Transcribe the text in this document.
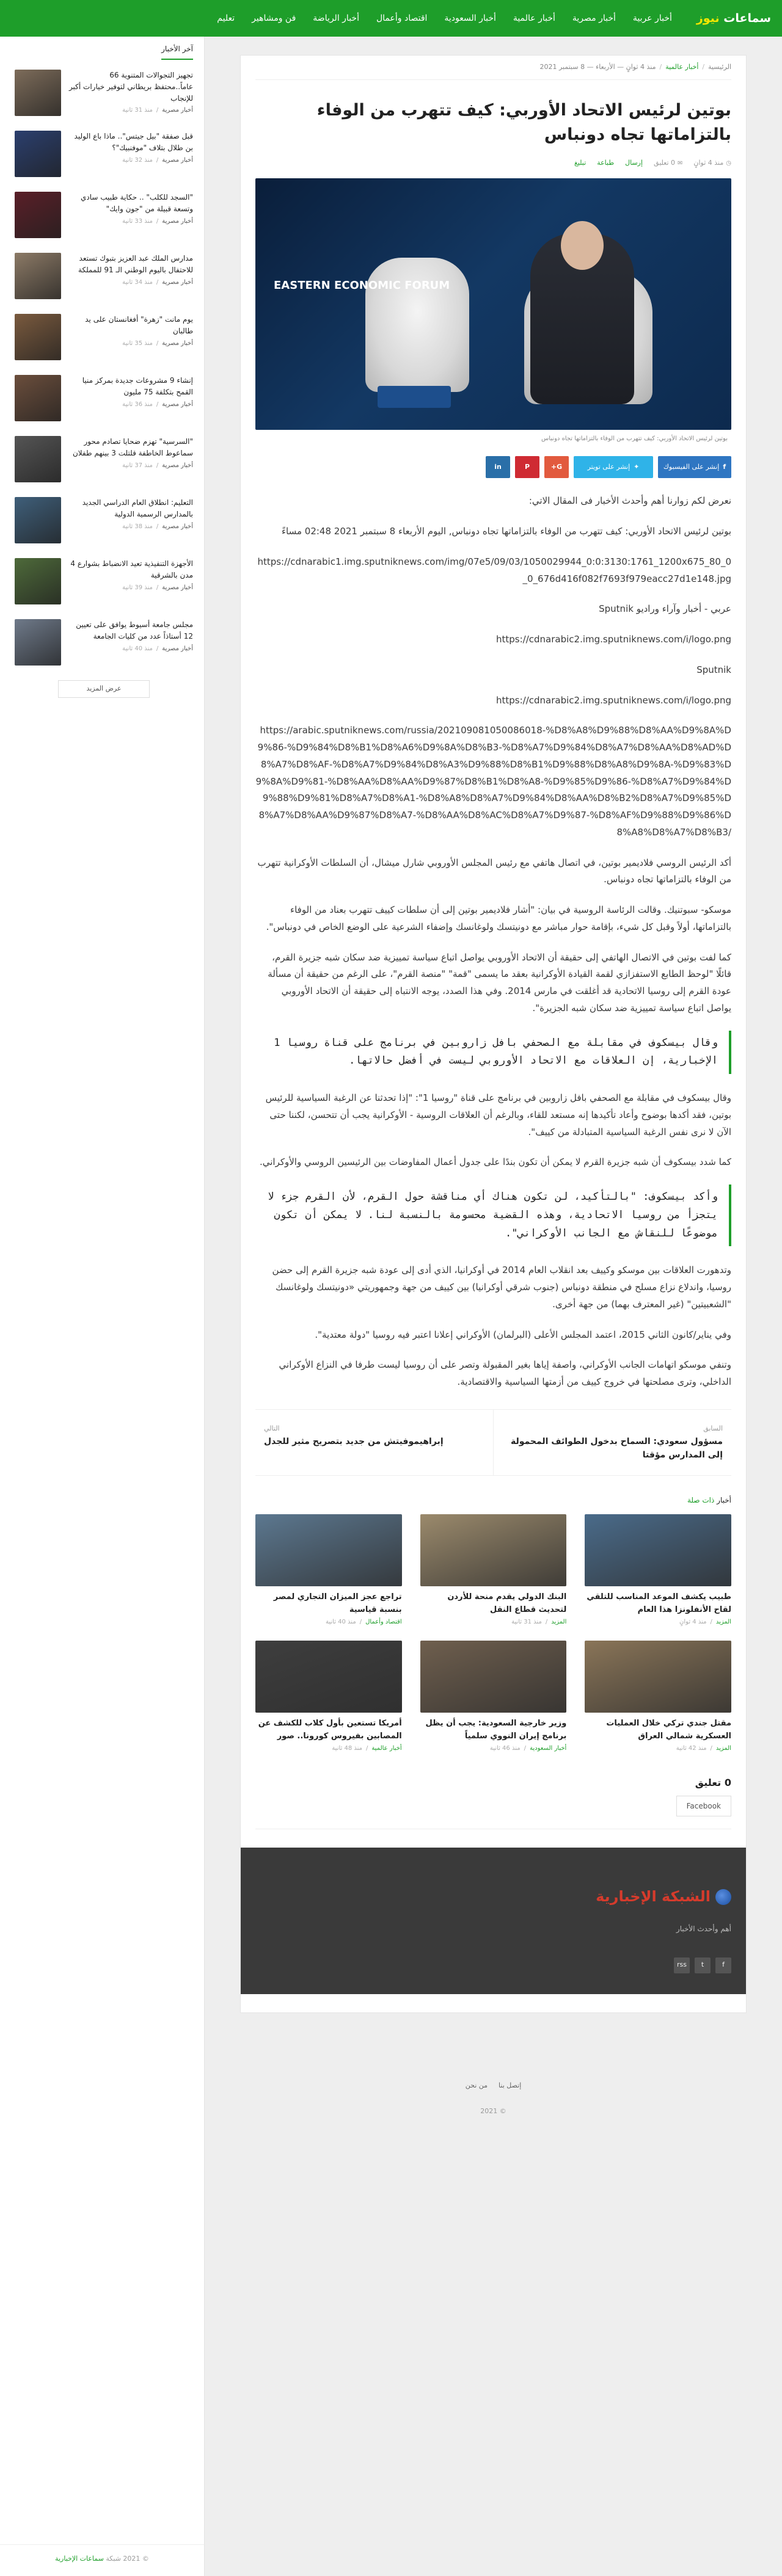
سماعات نيوز
أخبار عربية
أخبار مصرية
أخبار عالمية
أخبار السعودية
اقتصاد وأعمال
أخبار الرياضة
فن ومشاهير
تعليم
الرئيسية
/
أخبار عالمية
/
منذ 4 ثوانٍ — الأربعاء — 8 سبتمبر 2021
بوتين لرئيس الاتحاد الأوربي: كيف تتهرب من الوفاء بالتزاماتها تجاه دونباس
◷منذ 4 ثوانٍ
✉0 تعليق
إرسال
طباعة
تبليغ
EASTERN ECONOMIC FORUM
بوتين لرئيس الاتحاد الأوربي: كيف تتهرب من الوفاء بالتزاماتها تجاه دونباس
f
إنشر على الفيسبوك
✦
إنشر على تويتر
G+
P
in

نعرض لكم زوارنا أهم وأحدث الأخبار فى المقال الاتي:

بوتين لرئيس الاتحاد الأوربي: كيف تتهرب من الوفاء بالتزاماتها تجاه دونباس, اليوم الأربعاء 8 سبتمبر 2021 02:48 مساءً

https://cdnarabic1.img.sputniknews.com/img/07e5/09/03/1050029944_0:0:3130:1761_1200x675_80_0_0_676d416f082f7693f979eacc27d1e148.jpg

عربي - أخبار وآراء وراديو Sputnik

https://cdnarabic2.img.sputniknews.com/i/logo.png

Sputnik

https://cdnarabic2.img.sputniknews.com/i/logo.png

https://arabic.sputniknews.com/russia/202109081050086018-%D8%A8%D9%88%D8%AA%D9%8A%D9%86-%D9%84%D8%B1%D8%A6%D9%8A%D8%B3-%D8%A7%D9%84%D8%A7%D8%AA%D8%AD%D8%A7%D8%AF-%D8%A7%D9%84%D8%A3%D9%88%D8%B1%D9%88%D8%A8%D9%8A-%D9%83%D9%8A%D9%81-%D8%AA%D8%AA%D9%87%D8%B1%D8%A8-%D9%85%D9%86-%D8%A7%D9%84%D9%88%D9%81%D8%A7%D8%A1-%D8%A8%D8%A7%D9%84%D8%AA%D8%B2%D8%A7%D9%85%D8%A7%D8%AA%D9%87%D8%A7-%D8%AA%D8%AC%D8%A7%D9%87-%D8%AF%D9%88%D9%86%D8%A8%D8%A7%D8%B3/

أكد الرئيس الروسي فلاديمير بوتين، في اتصال هاتفي مع رئيس المجلس الأوروبي شارل ميشال، أن السلطات الأوكرانية تتهرب من الوفاء بالتزاماتها تجاه دونباس.

موسكو- سبوتنيك. وقالت الرئاسة الروسية في بيان: "أشار فلاديمير بوتين إلى أن سلطات كييف تتهرب بعناد من الوفاء بالتزاماتها، أولاً وقبل كل شيء، بإقامة حوار مباشر مع دونيتسك ولوغانسك وإضفاء الشرعية على الوضع الخاص في دونباس".

كما لفت بوتين في الاتصال الهاتفي إلى حقيقة أن الاتحاد الأوروبي يواصل اتباع سياسة تمييزية ضد سكان شبه جزيرة القرم، قائلًا "لوحظ الطابع الاستفزازي لقمة القيادة الأوكرانية بعقد ما يسمى "قمة" "منصة القرم"، على الرغم من حقيقة أن مسألة عودة القرم إلى روسيا الاتحادية قد أغلقت في مارس 2014. وفي هذا الصدد، يوجه الانتباه إلى حقيقة أن الاتحاد الأوروبي يواصل اتباع سياسة تمييزية ضد سكان شبه الجزيرة".

وقال بيسكوف في مقابلة مع الصحفي بافل زاروبين في برنامج على قناة روسيا 1 الإخبارية، إن العلاقات مع الاتحاد الأوروبي ليست في أفضل حالاتها.

وقال بيسكوف في مقابلة مع الصحفي بافل زاروبين في برنامج على قناة "روسيا 1": "إذا تحدثنا عن الرغبة السياسية للرئيس بوتين، فقد أكدها بوضوح وأعاد تأكيدها إنه مستعد للقاء، وبالرغم أن العلاقات الروسية - الأوكرانية يجب أن تتحسن، لكننا حتى الآن لا نرى نفس الرغبة السياسية المتبادلة من كييف".

كما شدد بيسكوف أن شبه جزيرة القرم لا يمكن أن تكون بندًا على جدول أعمال المفاوضات بين الرئيسين الروسي والأوكراني.

وأكد بيسكوف: "بالتأكيد، لن تكون هناك أي مناقشة حول القرم، لأن القرم جزء لا يتجزأ من روسيا الاتحادية، وهذه القضية محسومة بالنسبة لنا. لا يمكن أن تكون موضوعًا للنقاش مع الجانب الأوكراني".

وتدهورت العلاقات بين موسكو وكييف بعد انقلاب العام 2014 في أوكرانيا، الذي أدى إلى عودة شبه جزيرة القرم إلى حضن روسيا، واندلاع نزاع مسلح في منطقة دونباس (جنوب شرقي أوكرانيا) بين كييف من جهة وجمهوريتي «دونيتسك ولوغانسك "الشعبيتين" (غير المعترف بهما) من جهة أخرى.

وفي يناير/كانون الثاني 2015، اعتمد المجلس الأعلى (البرلمان) الأوكراني إعلانا اعتبر فيه روسيا "دولة معتدية".

وتنفي موسكو اتهامات الجانب الأوكراني، واصفة إياها بغير المقبولة وتصر على أن روسيا ليست طرفا في النزاع الأوكراني الداخلي، وترى مصلحتها في خروج كييف من أزمتها السياسية والاقتصادية.

السابق
مسؤول سعودي: السماح بدخول الطوائف المحمولة إلى المدارس مؤقتا
التالي
إبراهيموفيتش من جديد بتصريح مثير للجدل
أخبار ذات صلة
طبيب يكشف الموعد المناسب للتلقي لقاح الأنفلونزا هذا العام
المزيد
/
منذ 4 ثوانٍ
البنك الدولي يقدم منحة للأردن لتحديث قطاع النقل
المزيد
/
منذ 31 ثانية
تراجع عجز الميزان التجاري لمصر بنسبة قياسية
اقتصاد وأعمال
/
منذ 40 ثانية
مقتل جندي تركي خلال العمليات العسكرية شمالي العراق
المزيد
/
منذ 42 ثانية
وزير خارجية السعودية: يجب أن يظل برنامج إيران النووي سلمياً
أخبار السعودية
/
منذ 46 ثانية
أمريكا تستعين بأول كلاب للكشف عن المصابين بفيروس كورونا.. صور
أخبار عالمية
/
منذ 48 ثانية
0 تعليق
Facebook
الشبكة الإخبارية
أهم وأحدث الأخبار
f
t
rss
إتصل بنا
من نحن
© 2021
آخر الأخبار
تجهيز التجوالات المتنوية 66 عاماً..محتفظ بريطاني لتوفير خيارات أكبر للإنجاب
أخبار مصرية
/
منذ 31 ثانية
قبل صفقة "بيل جيتس".. ماذا باع الوليد بن طلال بتلاف "موفنبيك"؟
أخبار مصرية
/
منذ 32 ثانية
"السجد للكلب" .. حكاية طبيب سادي وتسعة قبيلة من "جون وايك"
أخبار مصرية
/
منذ 33 ثانية
مدارس الملك عبد العزيز بتبوك تستعد للاحتفال باليوم الوطني الـ 91 للمملكة
أخبار مصرية
/
منذ 34 ثانية
يوم مانت "زهرة" أفغانستان على يد طالبان
أخبار مصرية
/
منذ 35 ثانية
إنشاء 9 مشروعات جديدة بمركز منيا القمح بتكلفة 75 مليون
أخبار مصرية
/
منذ 36 ثانية
"السرسية" تهزم ضحايا تصادم محور سماعوط الخاطفة قلتلت 3 بينهم طفلان
أخبار مصرية
/
منذ 37 ثانية
التعليم: انطلاق العام الدراسي الجديد بالمدارس الرسمية الدولية
أخبار مصرية
/
منذ 38 ثانية
الأجهزة التنفيذية تعيد الانضباط بشوارع 4 مدن بالشرقية
أخبار مصرية
/
منذ 39 ثانية
مجلس جامعة أسيوط يوافق على تعيين 12 أستاذاً عدد من كليات الجامعة
أخبار مصرية
/
منذ 40 ثانية
عرض المزيد
© 2021 شبكة سماعات الإخبارية
